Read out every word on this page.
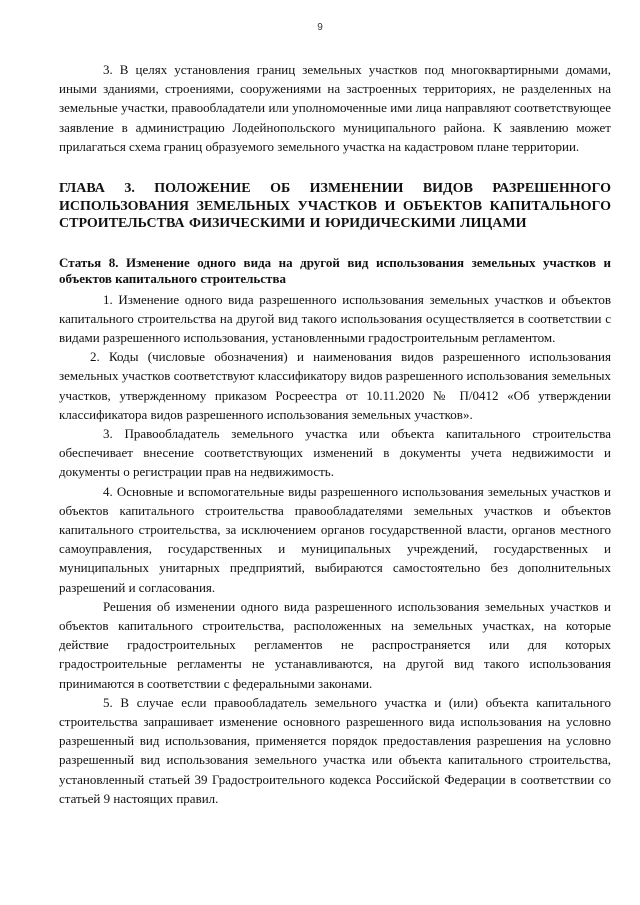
9

3. В целях установления границ земельных участков под многоквартирными домами, иными зданиями, строениями, сооружениями на застроенных территориях, не разделенных на земельные участки, правообладатели или уполномоченные ими лица направляют соответствующее заявление в администрацию Лодейнопольского муниципального района. К заявлению может прилагаться схема границ образуемого земельного участка на кадастровом плане территории.

ГЛАВА 3. ПОЛОЖЕНИЕ ОБ ИЗМЕНЕНИИ ВИДОВ РАЗРЕШЕННОГО ИСПОЛЬЗОВАНИЯ ЗЕМЕЛЬНЫХ УЧАСТКОВ И ОБЪЕКТОВ КАПИТАЛЬНОГО СТРОИТЕЛЬСТВА ФИЗИЧЕСКИМИ И ЮРИДИЧЕСКИМИ ЛИЦАМИ
Статья 8. Изменение одного вида на другой вид использования земельных участков и объектов капитального строительства

1. Изменение одного вида разрешенного использования земельных участков и объектов капитального строительства на другой вид такого использования осуществляется в соответствии с видами разрешенного использования, установленными градостроительным регламентом.

2. Коды (числовые обозначения) и наименования видов разрешенного использования земельных участков соответствуют классификатору видов разрешенного использования земельных участков, утвержденному приказом Росреестра от 10.11.2020 № П/0412 «Об утверждении классификатора видов разрешенного использования земельных участков».

3. Правообладатель земельного участка или объекта капитального строительства обеспечивает внесение соответствующих изменений в документы учета недвижимости и документы о регистрации прав на недвижимость.

4. Основные и вспомогательные виды разрешенного использования земельных участков и объектов капитального строительства правообладателями земельных участков и объектов капитального строительства, за исключением органов государственной власти, органов местного самоуправления, государственных и муниципальных учреждений, государственных и муниципальных унитарных предприятий, выбираются самостоятельно без дополнительных разрешений и согласования.

Решения об изменении одного вида разрешенного использования земельных участков и объектов капитального строительства, расположенных на земельных участках, на которые действие градостроительных регламентов не распространяется или для которых градостроительные регламенты не устанавливаются, на другой вид такого использования принимаются в соответствии с федеральными законами.

5. В случае если правообладатель земельного участка и (или) объекта капитального строительства запрашивает изменение основного разрешенного вида использования на условно разрешенный вид использования, применяется порядок предоставления разрешения на условно разрешенный вид использования земельного участка или объекта капитального строительства, установленный статьей 39 Градостроительного кодекса Российской Федерации в соответствии со статьей 9 настоящих правил.
